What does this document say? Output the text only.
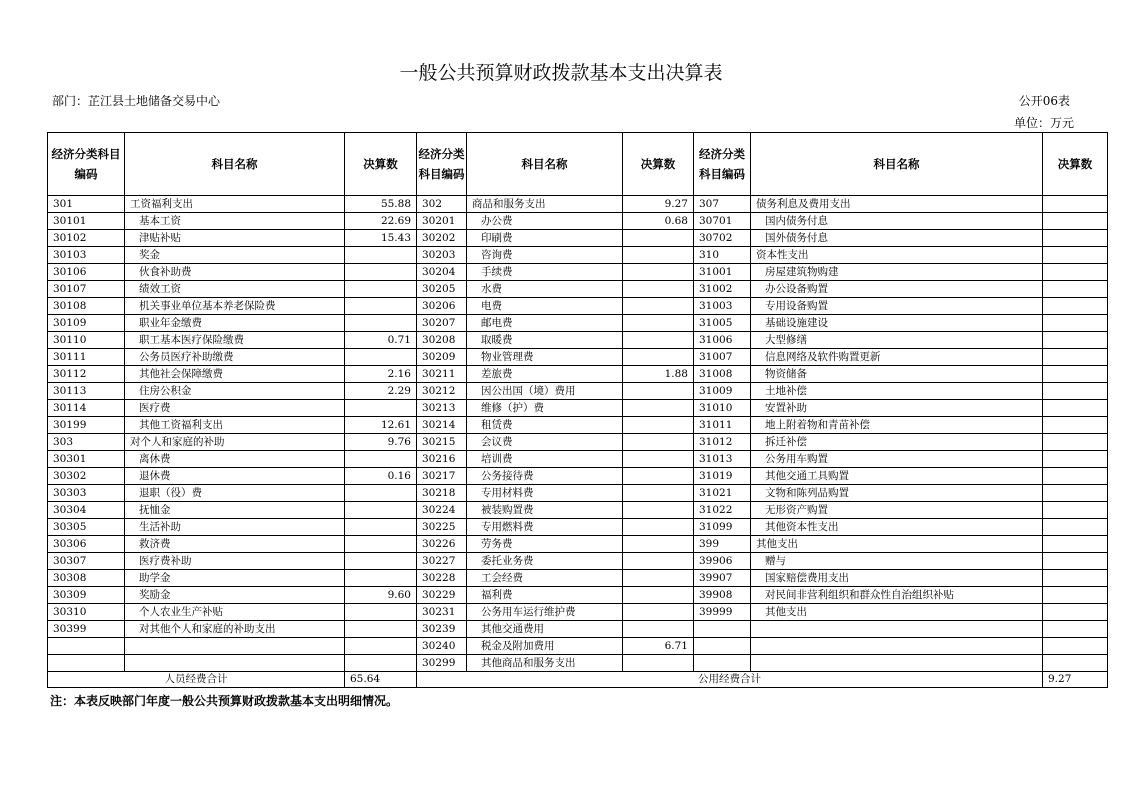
一般公共预算财政拨款基本支出决算表
部门：芷江县土地储备交易中心	公开06表
单位：万元
经济分类科目编码	科目名称	决算数	经济分类科目编码	科目名称	决算数	经济分类科目编码	科目名称	决算数
301	工资福利支出	55.88	302	商品和服务支出	9.27	307	债务利息及费用支出	
30101	基本工资	22.69	30201	办公费	0.68	30701	国内债务付息	
30102	津贴补贴	15.43	30202	印刷费		30702	国外债务付息	
30103	奖金		30203	咨询费		310	资本性支出	
30106	伙食补助费		30204	手续费		31001	房屋建筑物购建	
30107	绩效工资		30205	水费		31002	办公设备购置	
30108	机关事业单位基本养老保险费		30206	电费		31003	专用设备购置	
30109	职业年金缴费		30207	邮电费		31005	基础设施建设	
30110	职工基本医疗保险缴费	0.71	30208	取暖费		31006	大型修缮	
30111	公务员医疗补助缴费		30209	物业管理费		31007	信息网络及软件购置更新	
30112	其他社会保障缴费	2.16	30211	差旅费	1.88	31008	物资储备	
30113	住房公积金	2.29	30212	因公出国（境）费用		31009	土地补偿	
30114	医疗费		30213	维修（护）费		31010	安置补助	
30199	其他工资福利支出	12.61	30214	租赁费		31011	地上附着物和青苗补偿	
303	对个人和家庭的补助	9.76	30215	会议费		31012	拆迁补偿	
30301	离休费		30216	培训费		31013	公务用车购置	
30302	退休费	0.16	30217	公务接待费		31019	其他交通工具购置	
30303	退职（役）费		30218	专用材料费		31021	文物和陈列品购置	
30304	抚恤金		30224	被装购置费		31022	无形资产购置	
30305	生活补助		30225	专用燃料费		31099	其他资本性支出	
30306	救济费		30226	劳务费		399	其他支出	
30307	医疗费补助		30227	委托业务费		39906	赠与	
30308	助学金		30228	工会经费		39907	国家赔偿费用支出	
30309	奖励金	9.60	30229	福利费		39908	对民间非营利组织和群众性自治组织补贴	
30310	个人农业生产补贴		30231	公务用车运行维护费		39999	其他支出	
30399	对其他个人和家庭的补助支出		30239	其他交通费用				
			30240	税金及附加费用	6.71			
			30299	其他商品和服务支出				
人员经费合计		65.64	公用经费合计					9.27
注：本表反映部门年度一般公共预算财政拨款基本支出明细情况。
